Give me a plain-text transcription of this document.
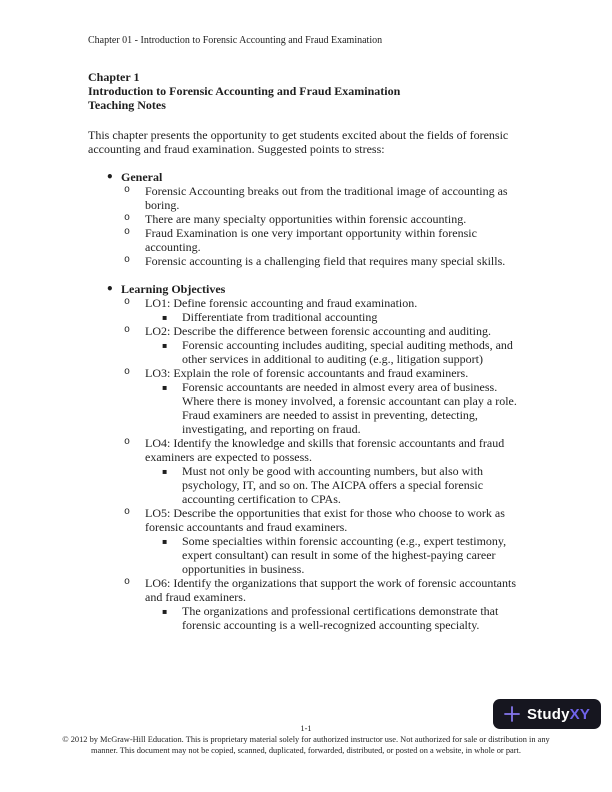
Chapter 01 - Introduction to Forensic Accounting and Fraud Examination
Chapter 1
Introduction to Forensic Accounting and Fraud Examination
Teaching Notes

This chapter presents the opportunity to get students excited about the fields of forensic accounting and fraud examination. Suggested points to stress:

• General
o Forensic Accounting breaks out from the traditional image of accounting as boring.
o There are many specialty opportunities within forensic accounting.
o Fraud Examination is one very important opportunity within forensic accounting.
o Forensic accounting is a challenging field that requires many special skills.
• Learning Objectives
o LO1: Define forensic accounting and fraud examination.
▪ Differentiate from traditional accounting
o LO2: Describe the difference between forensic accounting and auditing.
▪ Forensic accounting includes auditing, special auditing methods, and other services in additional to auditing (e.g., litigation support)
o LO3: Explain the role of forensic accountants and fraud examiners.
▪ Forensic accountants are needed in almost every area of business. Where there is money involved, a forensic accountant can play a role. Fraud examiners are needed to assist in preventing, detecting, investigating, and reporting on fraud.
o LO4: Identify the knowledge and skills that forensic accountants and fraud examiners are expected to possess.
▪ Must not only be good with accounting numbers, but also with psychology, IT, and so on. The AICPA offers a special forensic accounting certification to CPAs.
o LO5: Describe the opportunities that exist for those who choose to work as forensic accountants and fraud examiners.
▪ Some specialties within forensic accounting (e.g., expert testimony, expert consultant) can result in some of the highest-paying career opportunities in business.
o LO6: Identify the organizations that support the work of forensic accountants and fraud examiners.
▪ The organizations and professional certifications demonstrate that forensic accounting is a well-recognized accounting specialty.
StudyXY
1-1
© 2012 by McGraw-Hill Education. This is proprietary material solely for authorized instructor use. Not authorized for sale or distribution in any manner. This document may not be copied, scanned, duplicated, forwarded, distributed, or posted on a website, in whole or part.
